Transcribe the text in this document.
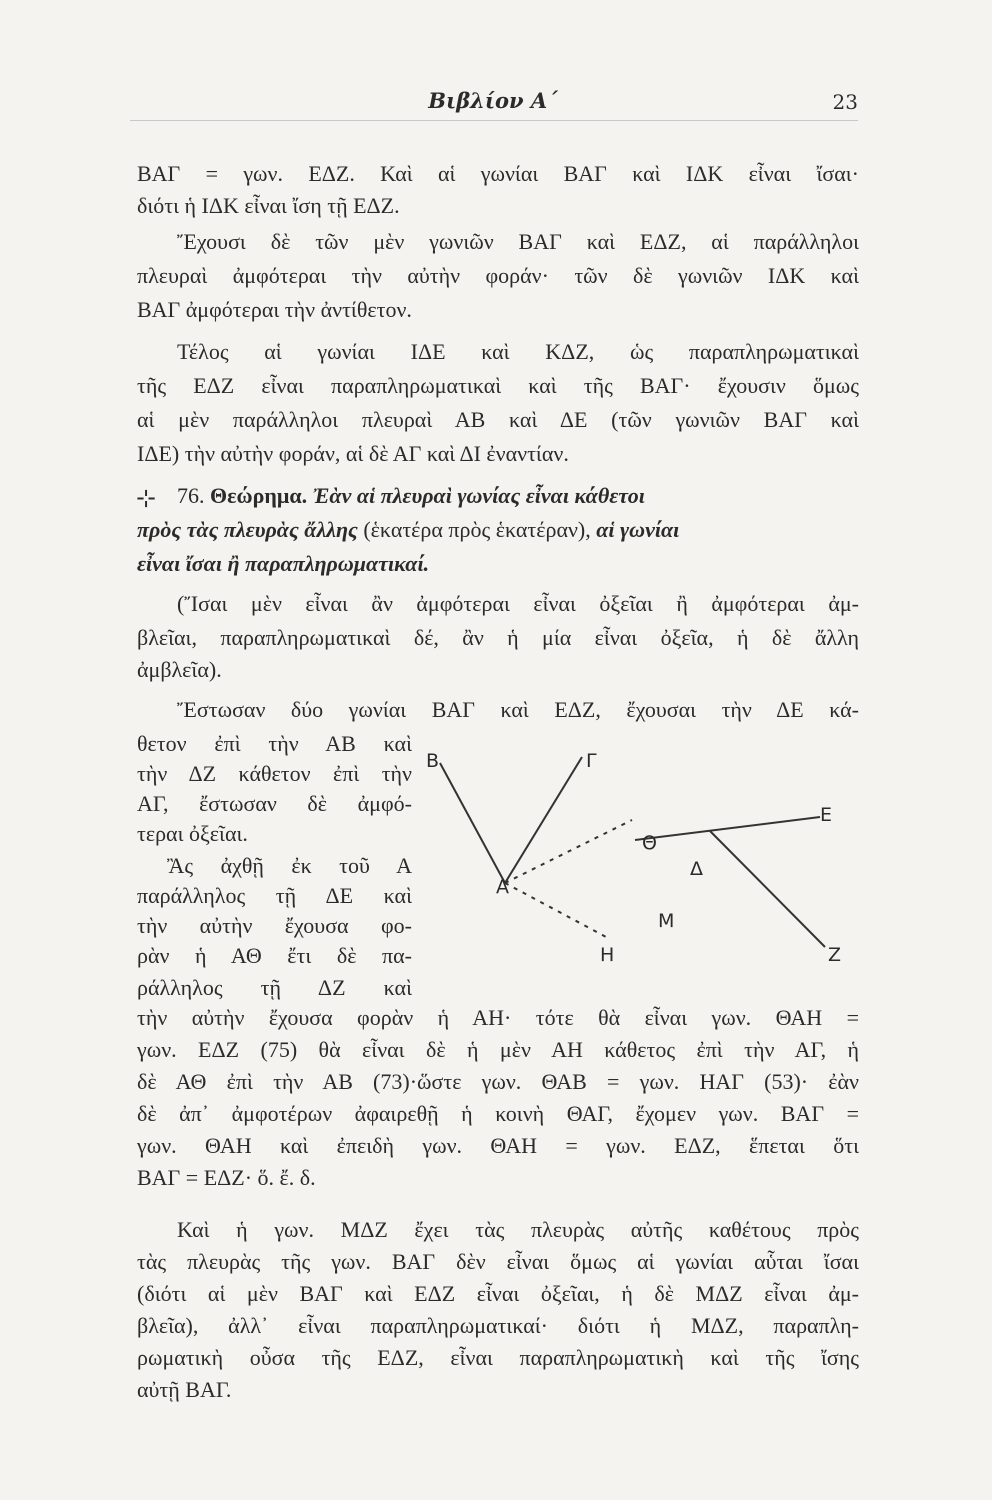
Βιβλίον Α΄	23
ΒΑΓ = γων. ΕΔΖ. Καὶ αἱ γωνίαι ΒΑΓ καὶ ΙΔΚ εἶναι ἴσαι·
διότι ἡ ΙΔΚ εἶναι ἴση τῇ ΕΔΖ.
Ἔχουσι δὲ τῶν μὲν γωνιῶν ΒΑΓ καὶ ΕΔΖ, αἱ παράλληλοι
πλευραὶ ἀμφότεραι τὴν αὐτὴν φοράν· τῶν δὲ γωνιῶν ΙΔΚ καὶ
ΒΑΓ ἀμφότεραι τὴν ἀντίθετον.
Τέλος αἱ γωνίαι ΙΔΕ καὶ ΚΔΖ, ὡς παραπληρωματικαὶ
τῆς ΕΔΖ εἶναι παραπληρωματικαὶ καὶ τῆς ΒΑΓ· ἔχουσιν ὅμως
αἱ μὲν παράλληλοι πλευραὶ ΑΒ καὶ ΔΕ (τῶν γωνιῶν ΒΑΓ καὶ
ΙΔΕ) τὴν αὐτὴν φοράν, αἱ δὲ ΑΓ καὶ ΔΙ ἐναντίαν.
⊹ 76. Θεώρημα. Ἐὰν αἱ πλευραὶ γωνίας εἶναι κάθετοι
πρὸς τὰς πλευρὰς ἄλλης (ἑκατέρα πρὸς ἑκατέραν), αἱ γωνίαι
εἶναι ἴσαι ἢ παραπληρωματικαί.
(Ἴσαι μὲν εἶναι ἂν ἀμφότεραι εἶναι ὀξεῖαι ἢ ἀμφότεραι ἀμ-
βλεῖαι, παραπληρωματικαὶ δέ, ἂν ἡ μία εἶναι ὀξεῖα, ἡ δὲ ἄλλη
ἀμβλεῖα).
Ἔστωσαν δύο γωνίαι ΒΑΓ καὶ ΕΔΖ, ἔχουσαι τὴν ΔΕ κά-
θετον ἐπὶ τὴν ΑΒ καὶ
τὴν ΔΖ κάθετον ἐπὶ τὴν
ΑΓ, ἔστωσαν δὲ ἀμφό-
τεραι ὀξεῖαι.
Ἂς ἀχθῇ ἐκ τοῦ Α
παράλληλος τῇ ΔΕ καὶ
τὴν αὐτὴν ἔχουσα φο-
ρὰν ἡ ΑΘ ἔτι δὲ πα-
ράλληλος τῇ ΔΖ καὶ
Β	Γ
Θ
Α
Δ
Ε
Μ
Η	Ζ
τὴν αὐτὴν ἔχουσα φορὰν ἡ ΑΗ· τότε θὰ εἶναι γων. ΘΑΗ =
γων. ΕΔΖ (75) θὰ εἶναι δὲ ἡ μὲν ΑΗ κάθετος ἐπὶ τὴν ΑΓ, ἡ
δὲ ΑΘ ἐπὶ τὴν ΑΒ (73)·ὥστε γων. ΘΑΒ = γων. ΗΑΓ (53)· ἐὰν
δὲ ἀπ᾽ ἀμφοτέρων ἀφαιρεθῇ ἡ κοινὴ ΘΑΓ, ἔχομεν γων. ΒΑΓ =
γων. ΘΑΗ καὶ ἐπειδὴ γων. ΘΑΗ = γων. ΕΔΖ, ἕπεται ὅτι
ΒΑΓ = ΕΔΖ· ὅ. ἔ. δ.
Καὶ ἡ γων. ΜΔΖ ἔχει τὰς πλευρὰς αὐτῆς καθέτους πρὸς
τὰς πλευρὰς τῆς γων. ΒΑΓ δὲν εἶναι ὅμως αἱ γωνίαι αὗται ἴσαι
(διότι αἱ μὲν ΒΑΓ καὶ ΕΔΖ εἶναι ὀξεῖαι, ἡ δὲ ΜΔΖ εἶναι ἀμ-
βλεῖα), ἀλλ᾽ εἶναι παραπληρωματικαί· διότι ἡ ΜΔΖ, παραπλη-
ρωματικὴ οὖσα τῆς ΕΔΖ, εἶναι παραπληρωματικὴ καὶ τῆς ἴσης
αὐτῇ ΒΑΓ.
